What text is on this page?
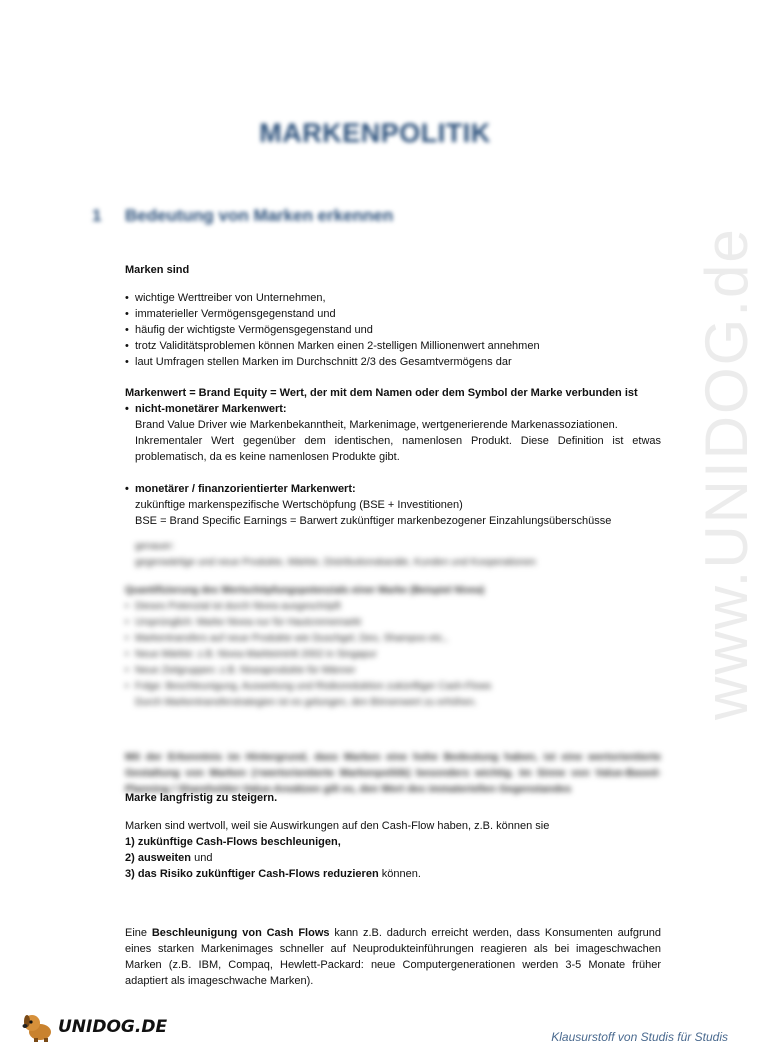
www.UNIDOG.de
MARKENPOLITIK
1 Bedeutung von Marken erkennen

Marken sind

• wichtige Werttreiber von Unternehmen,
• immaterieller Vermögensgegenstand und
• häufig der wichtigste Vermögensgegenstand und
• trotz Validitätsproblemen können Marken einen 2-stelligen Millionenwert annehmen
• laut Umfragen stellen Marken im Durchschnitt 2/3 des Gesamtvermögens dar

Markenwert = Brand Equity = Wert, der mit dem Namen oder dem Symbol der Marke verbunden ist

• nicht-monetärer Markenwert:

Brand Value Driver wie Markenbekanntheit, Markenimage, wertgenerierende Markenassoziationen.

Inkrementaler Wert gegenüber dem identischen, namenlosen Produkt. Diese Definition ist etwas problematisch, da es keine namenlosen Produkte gibt.

• monetärer / finanzorientierter Markenwert:

zukünftige markenspezifische Wertschöpfung (BSE + Investitionen)

BSE = Brand Specific Earnings = Barwert zukünftiger markenbezogener Einzahlungsüberschüsse

genauer:

gegenwärtige und neue Produkte, Märkte, Distributionskanäle, Kunden und Kooperationen

Quantifizierung des Wertschöpfungspotenzials einer Marke (Beispiel Nivea)

• Dieses Potenzial ist durch Nivea ausgeschöpft
• Ursprünglich: Marke Nivea nur für Hautcrememarkt
• Markentransfers auf neue Produkte wie Duschgel, Deo, Shampoo etc.,
• Neue Märkte: z.B. Nivea Markteintritt 2002 in Singapur
• Neue Zielgruppen: z.B. Niveaprodukte für Männer
• Folge: Beschleunigung, Ausweitung und Risikoreduktion zukünftiger Cash-Flows

Durch Markentransferstrategien ist es gelungen, den Börsenwert zu erhöhen.

Mit der Erkenntnis im Hintergrund, dass Marken eine hohe Bedeutung haben, ist eine wertorientierte Gestaltung von Marken (=wertorientierte Markenpolitik) besonders wichtig. Im Sinne von Value-Based-Planning / Shareholder-Value-Ansätzen gilt es, den Wert des immateriellen Gegenstandes

Marke langfristig zu steigern.

Marken sind wertvoll, weil sie Auswirkungen auf den Cash-Flow haben, z.B. können sie

1) zukünftige Cash-Flows beschleunigen,

2) ausweiten und

3) das Risiko zukünftiger Cash-Flows reduzieren können.

Eine Beschleunigung von Cash Flows kann z.B. dadurch erreicht werden, dass Konsumenten aufgrund eines starken Markenimages schneller auf Neuprodukteinführungen reagieren als bei imageschwachen Marken (z.B. IBM, Compaq, Hewlett-Packard: neue Computergenerationen werden 3-5 Monate früher adaptiert als imageschwache Marken).
UNIDOG.DE	Klausurstoff von Studis für Studis
